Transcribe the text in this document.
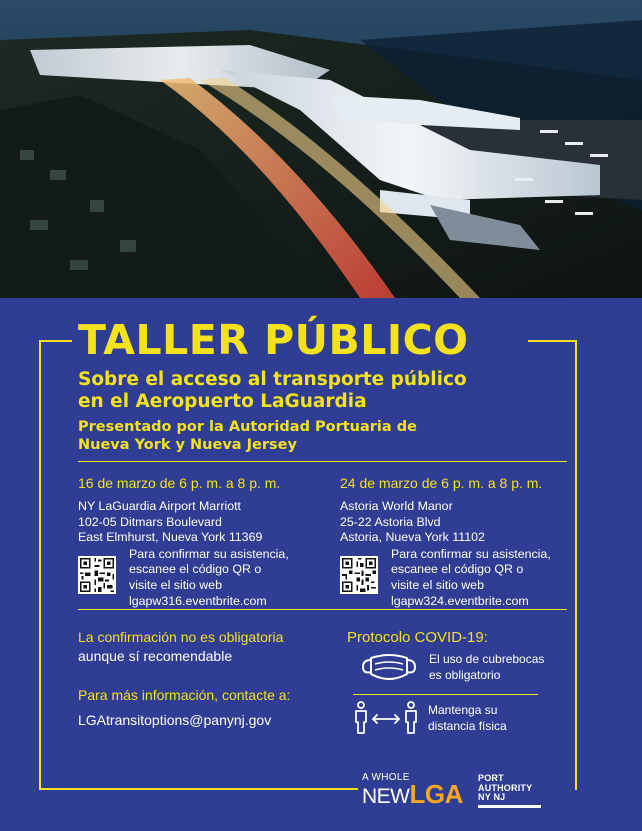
TALLER PÚBLICO
Sobre el acceso al transporte público
en el Aeropuerto LaGuardia
Presentado por la Autoridad Portuaria de
Nueva York y Nueva Jersey
16 de marzo de 6 p. m. a 8 p. m.
NY LaGuardia Airport Marriott
102-05 Ditmars Boulevard
East Elmhurst, Nueva York 11369
Para confirmar su asistencia,
escanee el código QR o
visite el sitio web
lgapw316.eventbrite.com
24 de marzo de 6 p. m. a 8 p. m.
Astoria World Manor
25-22 Astoria Blvd
Astoria, Nueva York 11102
Para confirmar su asistencia,
escanee el código QR o
visite el sitio web
lgapw324.eventbrite.com
La confirmación no es obligatoria
aunque sí recomendable
Para más información, contacte a:
LGAtransitoptions@panynj.gov
Protocolo COVID-19:
El uso de cubrebocas
es obligatorio
Mantenga su
distancia física
A WHOLE
NEW LGA
PORT
AUTHORITY
NY NJ
